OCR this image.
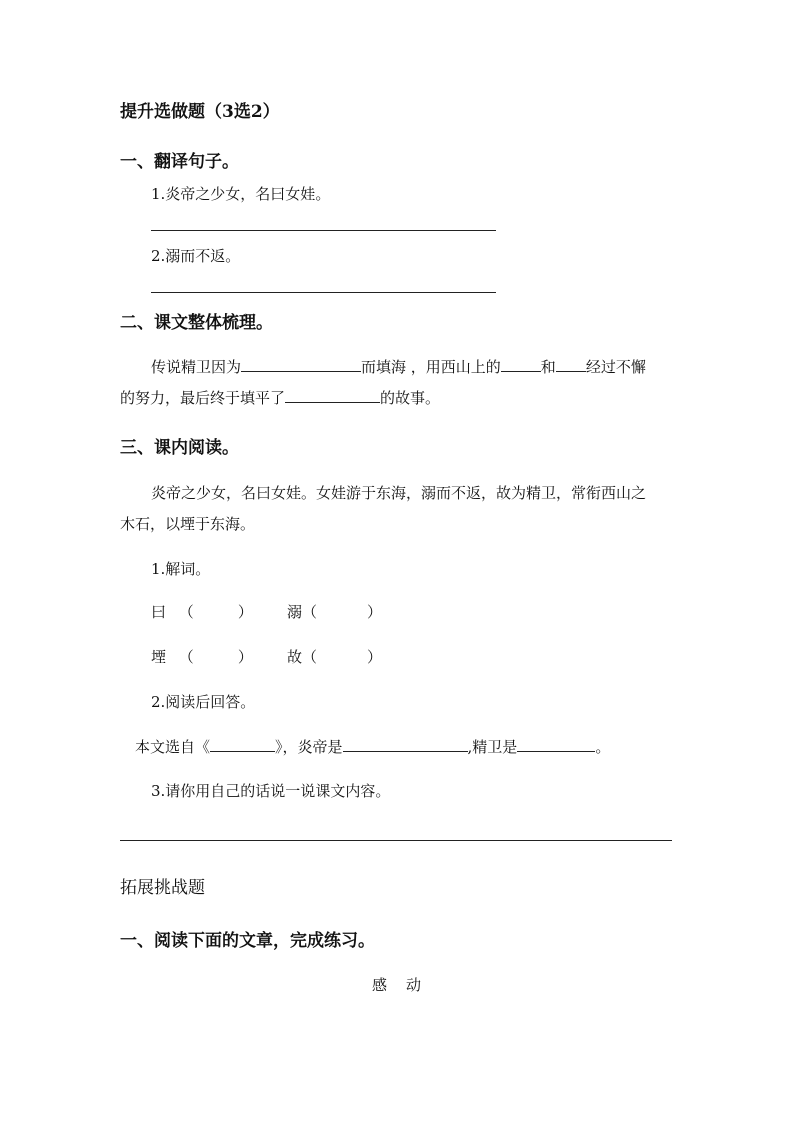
提升选做题（3选2）
一、翻译句子。
1.炎帝之少女，名曰女娃。
2.溺而不返。
二、课文整体梳理。
传说精卫因为	而填海 ，用西山上的	和 经过不懈
的努力，最后终于填平了	的故事。
三、课内阅读。
炎帝之少女，名曰女娃。女娃游于东海，溺而不返，故为精卫，常衔西山之
木石，以堙于东海。
1.解词。
曰 （	） 溺（	）
堙 （	） 故（	）
2.阅读后回答。
本文选自《	》，炎帝是	,精卫是	。
3.请你用自己的话说一说课文内容。
拓展挑战题
一、阅读下面的文章，完成练习。
感　动
